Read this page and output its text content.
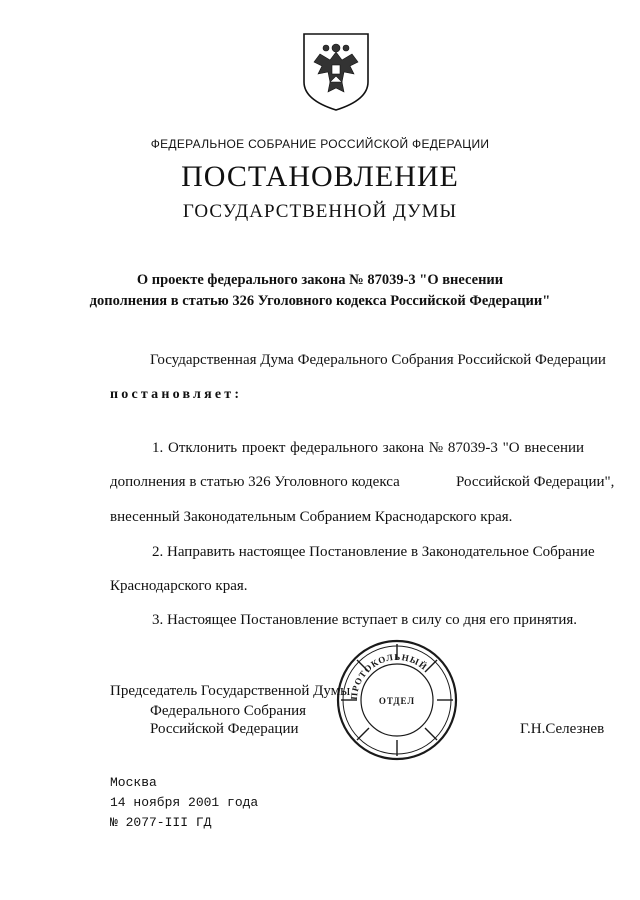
ФЕДЕРАЛЬНОЕ СОБРАНИЕ РОССИЙСКОЙ ФЕДЕРАЦИИ
ПОСТАНОВЛЕНИЕ
ГОСУДАРСТВЕННОЙ ДУМЫ
О проекте федерального закона № 87039-3 "О внесении
дополнения в статью 326 Уголовного кодекса Российской Федерации"
Государственная Дума Федерального Собрания Российской Федерации
постановляет:
1. Отклонить проект федерального закона № 87039-3 "О внесении
дополнения в статью 326 Уголовного кодекса	Российской Федерации",
внесенный Законодательным Собранием Краснодарского края.
2. Направить настоящее Постановление в Законодательное Собрание
Краснодарского края.
3. Настоящее Постановление вступает в силу со дня его принятия.
ПРОТОКОЛЬНЫЙ
ОТДЕЛ
Председатель Государственной Думы
Федерального Собрания
Российской Федерации	Г.Н.Селезнев
Москва
14 ноября 2001 года
№ 2077-III ГД
